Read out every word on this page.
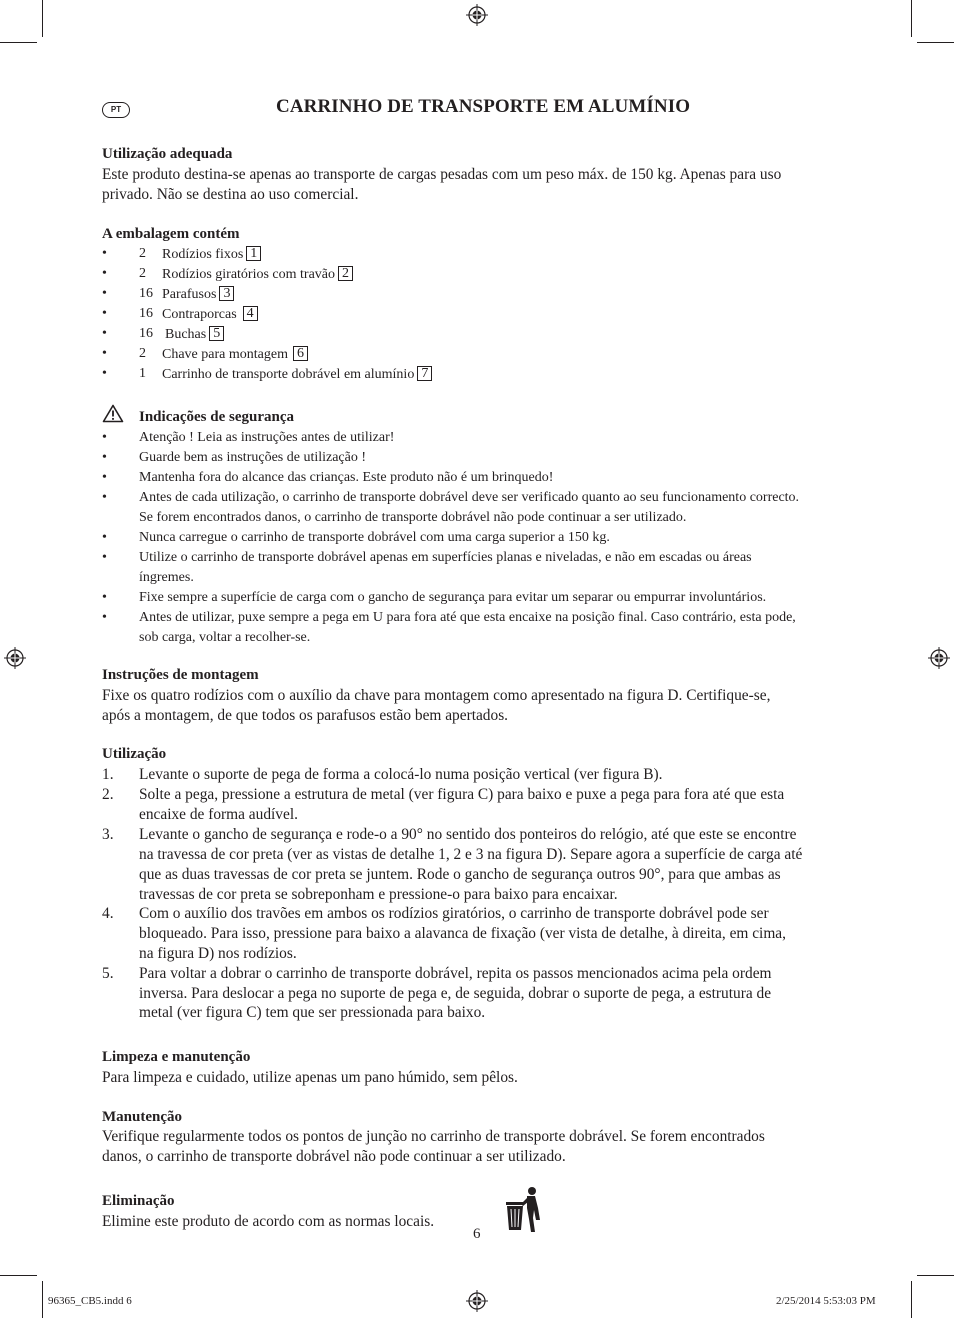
PT	CARRINHO DE TRANSPORTE EM ALUMÍNIO
Utilização adequada
Este produto destina-se apenas ao transporte de cargas pesadas com um peso máx. de 150 kg. Apenas para uso
privado. Não se destina ao uso comercial.
A embalagem contém
• 2 Rodízios fixos 1
• 2 Rodízios giratórios com travão 2
• 16 Parafusos 3
• 16 Contraporcas 4
• 16 Buchas 5
• 2 Chave para montagem 6
• 1 Carrinho de transporte dobrável em alumínio 7
Indicações de segurança
• Atenção ! Leia as instruções antes de utilizar!
• Guarde bem as instruções de utilização !
• Mantenha fora do alcance das crianças. Este produto não é um brinquedo!
• Antes de cada utilização, o carrinho de transporte dobrável deve ser verificado quanto ao seu funcionamento correcto.
Se forem encontrados danos, o carrinho de transporte dobrável não pode continuar a ser utilizado.
• Nunca carregue o carrinho de transporte dobrável com uma carga superior a 150 kg.
• Utilize o carrinho de transporte dobrável apenas em superfícies planas e niveladas, e não em escadas ou áreas
íngremes.
• Fixe sempre a superfície de carga com o gancho de segurança para evitar um separar ou empurrar involuntários.
• Antes de utilizar, puxe sempre a pega em U para fora até que esta encaixe na posição final. Caso contrário, esta pode,
sob carga, voltar a recolher-se.
Instruções de montagem
Fixe os quatro rodízios com o auxílio da chave para montagem como apresentado na figura D. Certifique-se,
após a montagem, de que todos os parafusos estão bem apertados.
Utilização
1. Levante o suporte de pega de forma a colocá-lo numa posição vertical (ver figura B).
2. Solte a pega, pressione a estrutura de metal (ver figura C) para baixo e puxe a pega para fora até que esta
encaixe de forma audível.
3. Levante o gancho de segurança e rode-o a 90° no sentido dos ponteiros do relógio, até que este se encontre
na travessa de cor preta (ver as vistas de detalhe 1, 2 e 3 na figura D). Separe agora a superfície de carga até
que as duas travessas de cor preta se juntem. Rode o gancho de segurança outros 90°, para que ambas as
travessas de cor preta se sobreponham e pressione-o para baixo para encaixar.
4. Com o auxílio dos travões em ambos os rodízios giratórios, o carrinho de transporte dobrável pode ser
bloqueado. Para isso, pressione para baixo a alavanca de fixação (ver vista de detalhe, à direita, em cima,
na figura D) nos rodízios.
5. Para voltar a dobrar o carrinho de transporte dobrável, repita os passos mencionados acima pela ordem
inversa. Para deslocar a pega no suporte de pega e, de seguida, dobrar o suporte de pega, a estrutura de
metal (ver figura C) tem que ser pressionada para baixo.
Limpeza e manutenção
Para limpeza e cuidado, utilize apenas um pano húmido, sem pêlos.
Manutenção
Verifique regularmente todos os pontos de junção no carrinho de transporte dobrável. Se forem encontrados
danos, o carrinho de transporte dobrável não pode continuar a ser utilizado.
Eliminação
Elimine este produto de acordo com as normas locais.
6
96365_CB5.indd 6	2/25/2014 5:53:03 PM
